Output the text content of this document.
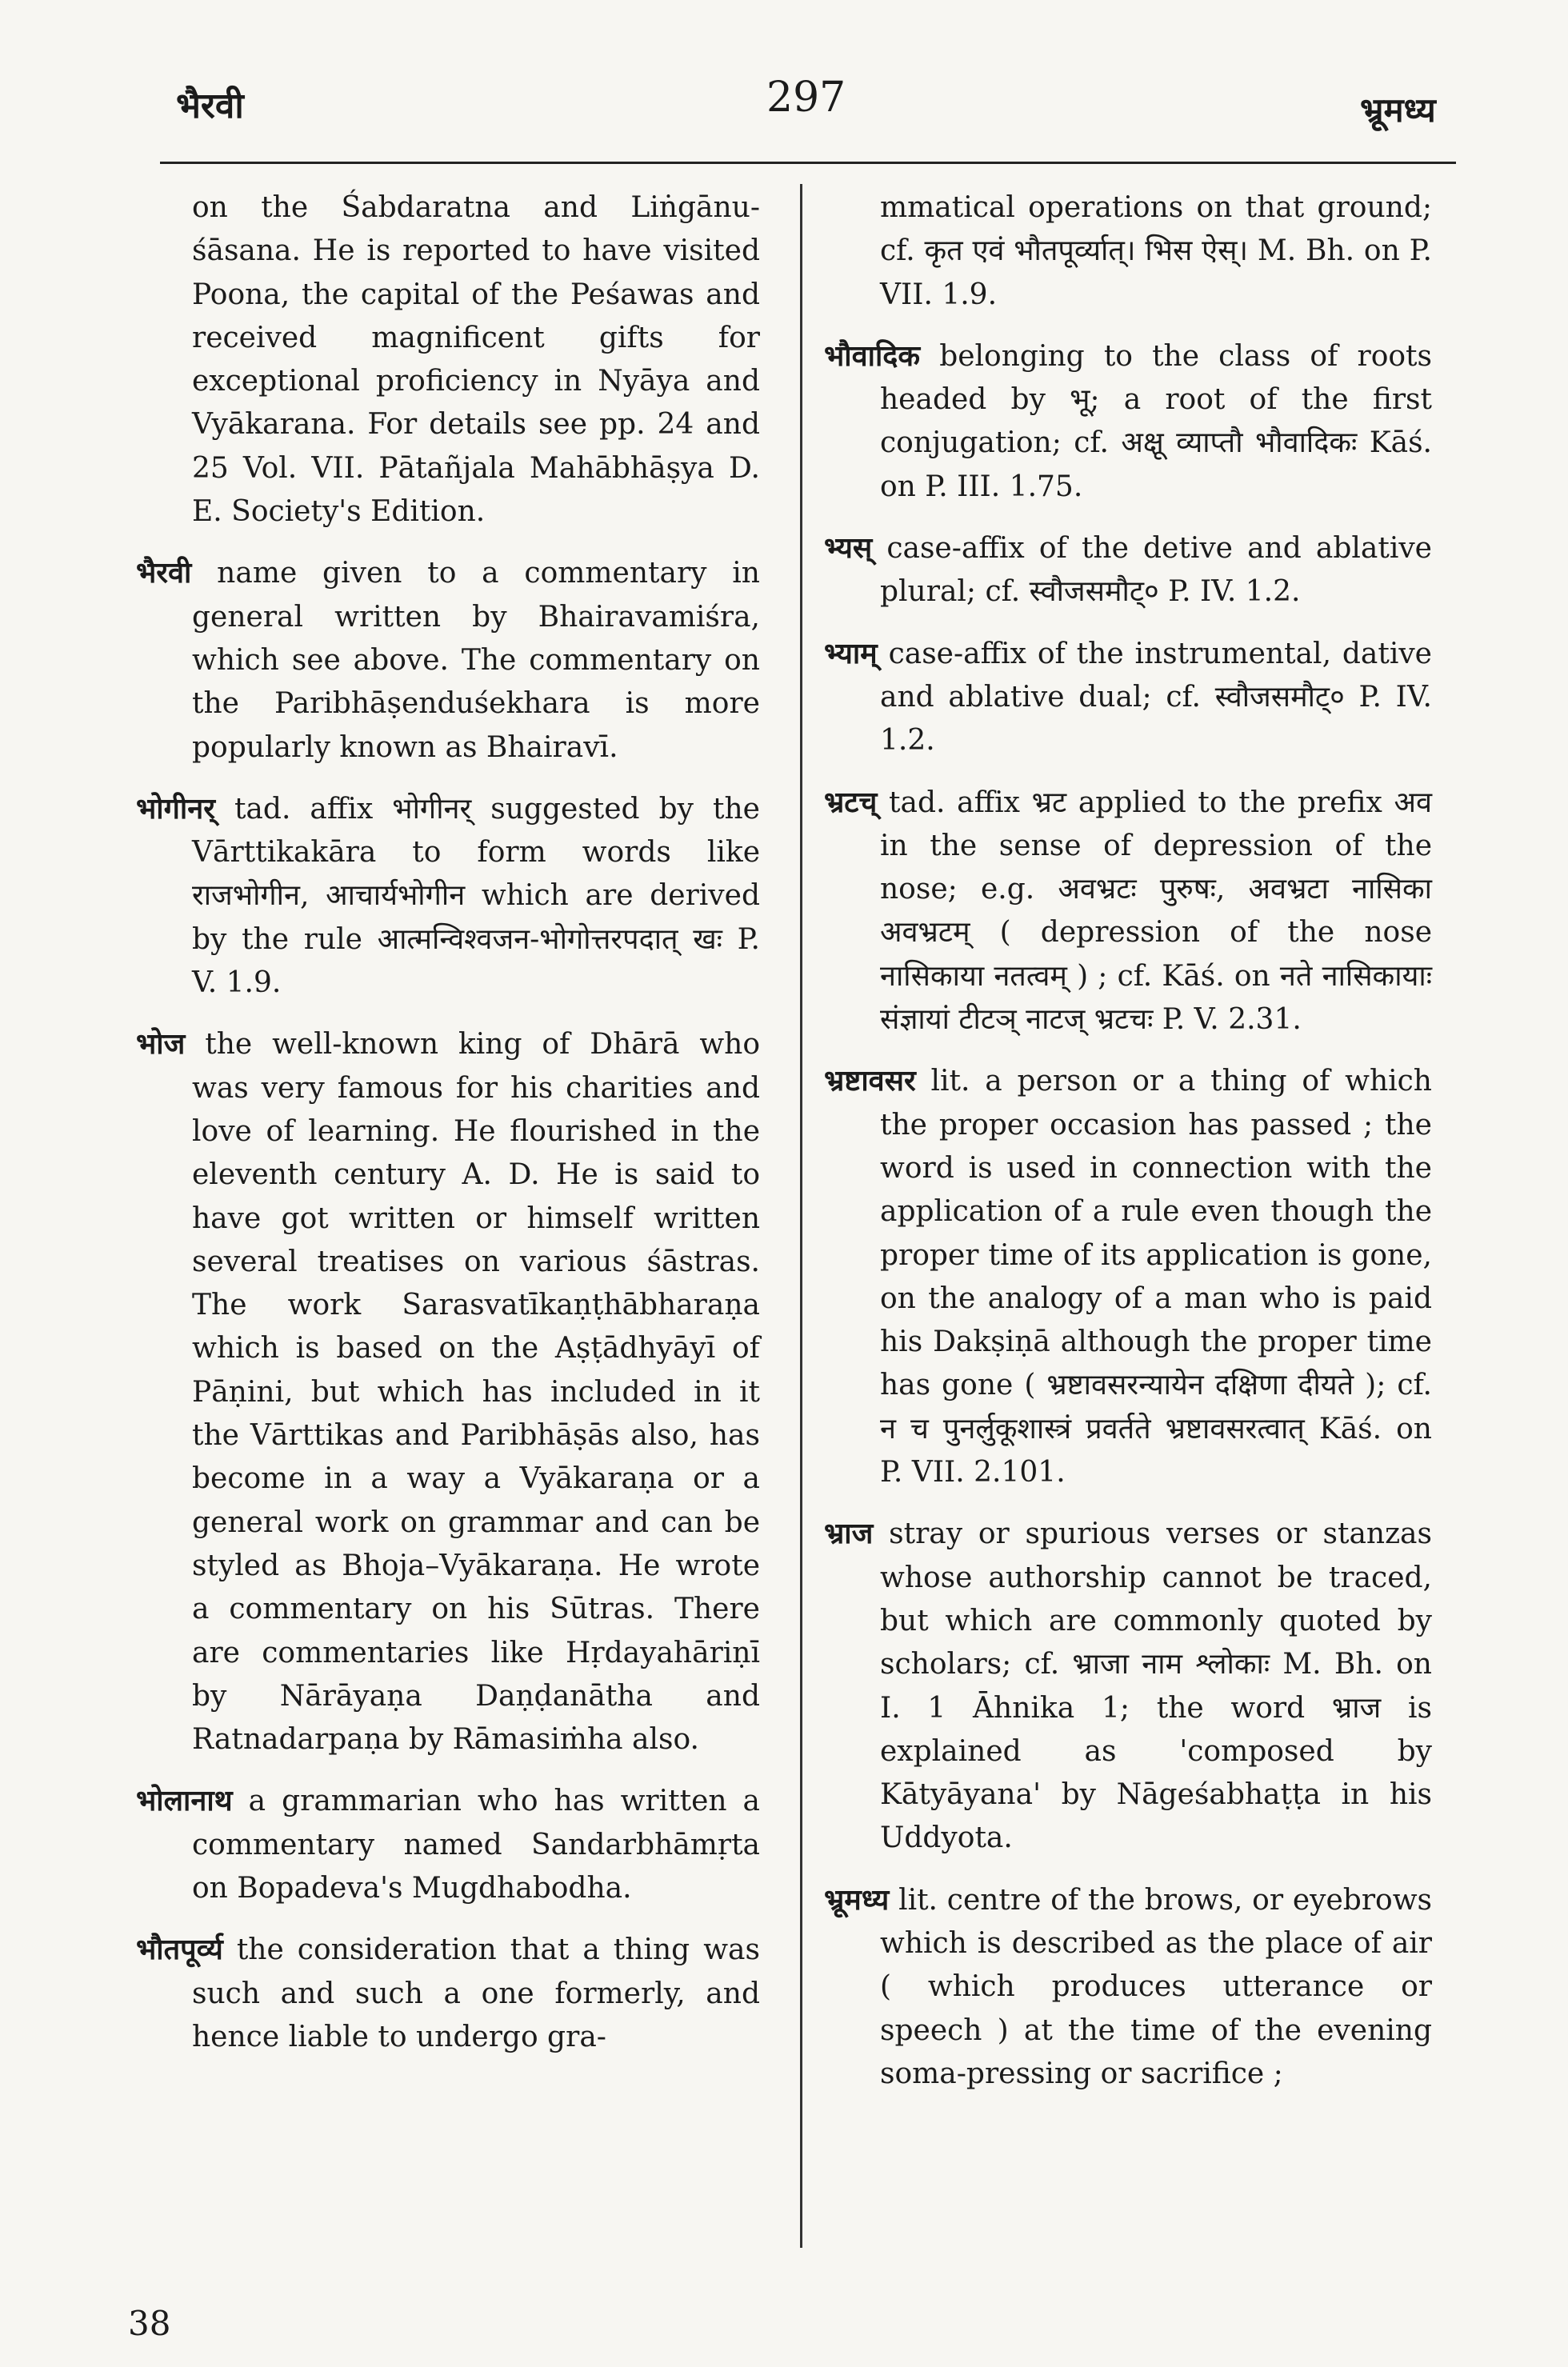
भैरवी	297	भ्रूमध्य

on the Śabdaratna and Liṅgānu-śāsana. He is reported to have visited Poona, the capital of the Peśawas and received magnificent gifts for exceptional proficiency in Nyāya and Vyākarana. For details see pp. 24 and 25 Vol. VII. Pātañjala Mahābhāṣya D. E. Society's Edition.

भैरवी name given to a commentary in general written by Bhairavamiśra, which see above. The commentary on the Paribhāṣenduśekhara is more popularly known as Bhairavī.

भोगीनर् tad. affix भोगीनर् suggested by the Vārttikakāra to form words like राजभोगीन, आचार्यभोगीन which are derived by the rule आत्मन्विश्वजन-भोगोत्तरपदात् खः P. V. 1.9.

भोज the well-known king of Dhārā who was very famous for his charities and love of learning. He flourished in the eleventh century A. D. He is said to have got written or himself written several treatises on various śāstras. The work Sarasvatīkaṇṭhābharaṇa which is based on the Aṣṭādhyāyī of Pāṇini, but which has included in it the Vārttikas and Paribhāṣās also, has become in a way a Vyākaraṇa or a general work on grammar and can be styled as Bhoja–Vyākaraṇa. He wrote a commentary on his Sūtras. There are commentaries like Hṛdayahāriṇī by Nārāyaṇa Daṇḍanātha and Ratnadarpaṇa by Rāmasiṁha also.

भोलानाथ a grammarian who has written a commentary named Sandarbhāmṛta on Bopadeva's Mugdhabodha.

भौतपूर्व्य the consideration that a thing was such and such a one formerly, and hence liable to undergo gra-

mmatical operations on that ground; cf. कृत एवं भौतपूर्व्यात्। भिस ऐस्। M. Bh. on P. VII. 1.9.

भौवादिक belonging to the class of roots headed by भू; a root of the first conjugation; cf. अक्षू व्याप्तौ भौवादिकः Kāś. on P. III. 1.75.

भ्यस् case-affix of the detive and ablative plural; cf. स्वौजसमौट्० P. IV. 1.2.

भ्याम् case-affix of the instrumental, dative and ablative dual; cf. स्वौजसमौट्० P. IV. 1.2.

भ्रटच् tad. affix भ्रट applied to the prefix अव in the sense of depression of the nose; e.g. अवभ्रटः पुरुषः, अवभ्रटा नासिका अवभ्रटम् ( depression of the nose नासिकाया नतत्वम् ) ; cf. Kāś. on नते नासिकायाः संज्ञायां टीटञ् नाटज् भ्रटचः P. V. 2.31.

भ्रष्टावसर lit. a person or a thing of which the proper occasion has passed ; the word is used in connection with the application of a rule even though the proper time of its application is gone, on the analogy of a man who is paid his Dakṣiṇā although the proper time has gone ( भ्रष्टावसरन्यायेन दक्षिणा दीयते ); cf. न च पुनर्लुकूशास्त्रं प्रवर्तते भ्रष्टावसरत्वात् Kāś. on P. VII. 2.101.

भ्राज stray or spurious verses or stanzas whose authorship cannot be traced, but which are commonly quoted by scholars; cf. भ्राजा नाम श्लोकाः M. Bh. on I. 1 Āhnika 1; the word भ्राज is explained as 'composed by Kātyāyana' by Nāgeśabhaṭṭa in his Uddyota.

भ्रूमध्य lit. centre of the brows, or eyebrows which is described as the place of air ( which produces utterance or speech ) at the time of the evening soma-pressing or sacrifice ;

38
